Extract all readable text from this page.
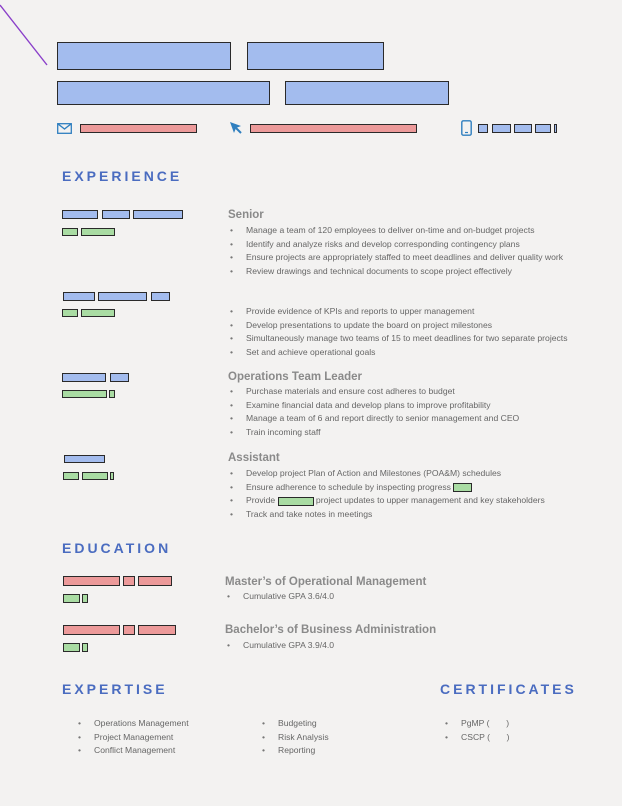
EXPERIENCE
Senior
• Manage a team of 120 employees to deliver on-time and on-budget projects
• Identify and analyze risks and develop corresponding contingency plans
• Ensure projects are appropriately staffed to meet deadlines and deliver quality work
• Review drawings and technical documents to scope project effectively
• Provide evidence of KPIs and reports to upper management
• Develop presentations to update the board on project milestones
• Simultaneously manage two teams of 15 to meet deadlines for two separate projects
• Set and achieve operational goals
Operations Team Leader
• Purchase materials and ensure cost adheres to budget
• Examine financial data and develop plans to improve profitability
• Manage a team of 6 and report directly to senior management and CEO
• Train incoming staff
Assistant
• Develop project Plan of Action and Milestones (POA&M) schedules
• Ensure adherence to schedule by inspecting progress
• Provide	project updates to upper management and key stakeholders
• Track and take notes in meetings
EDUCATION
Master’s of Operational Management
• Cumulative GPA 3.6/4.0
Bachelor’s of Business Administration
• Cumulative GPA 3.9/4.0
EXPERTISE
• Operations Management
• Project Management
• Conflict Management
• Budgeting
• Risk Analysis
• Reporting
CERTIFICATES
• PgMP (       )
• CSCP (       )
